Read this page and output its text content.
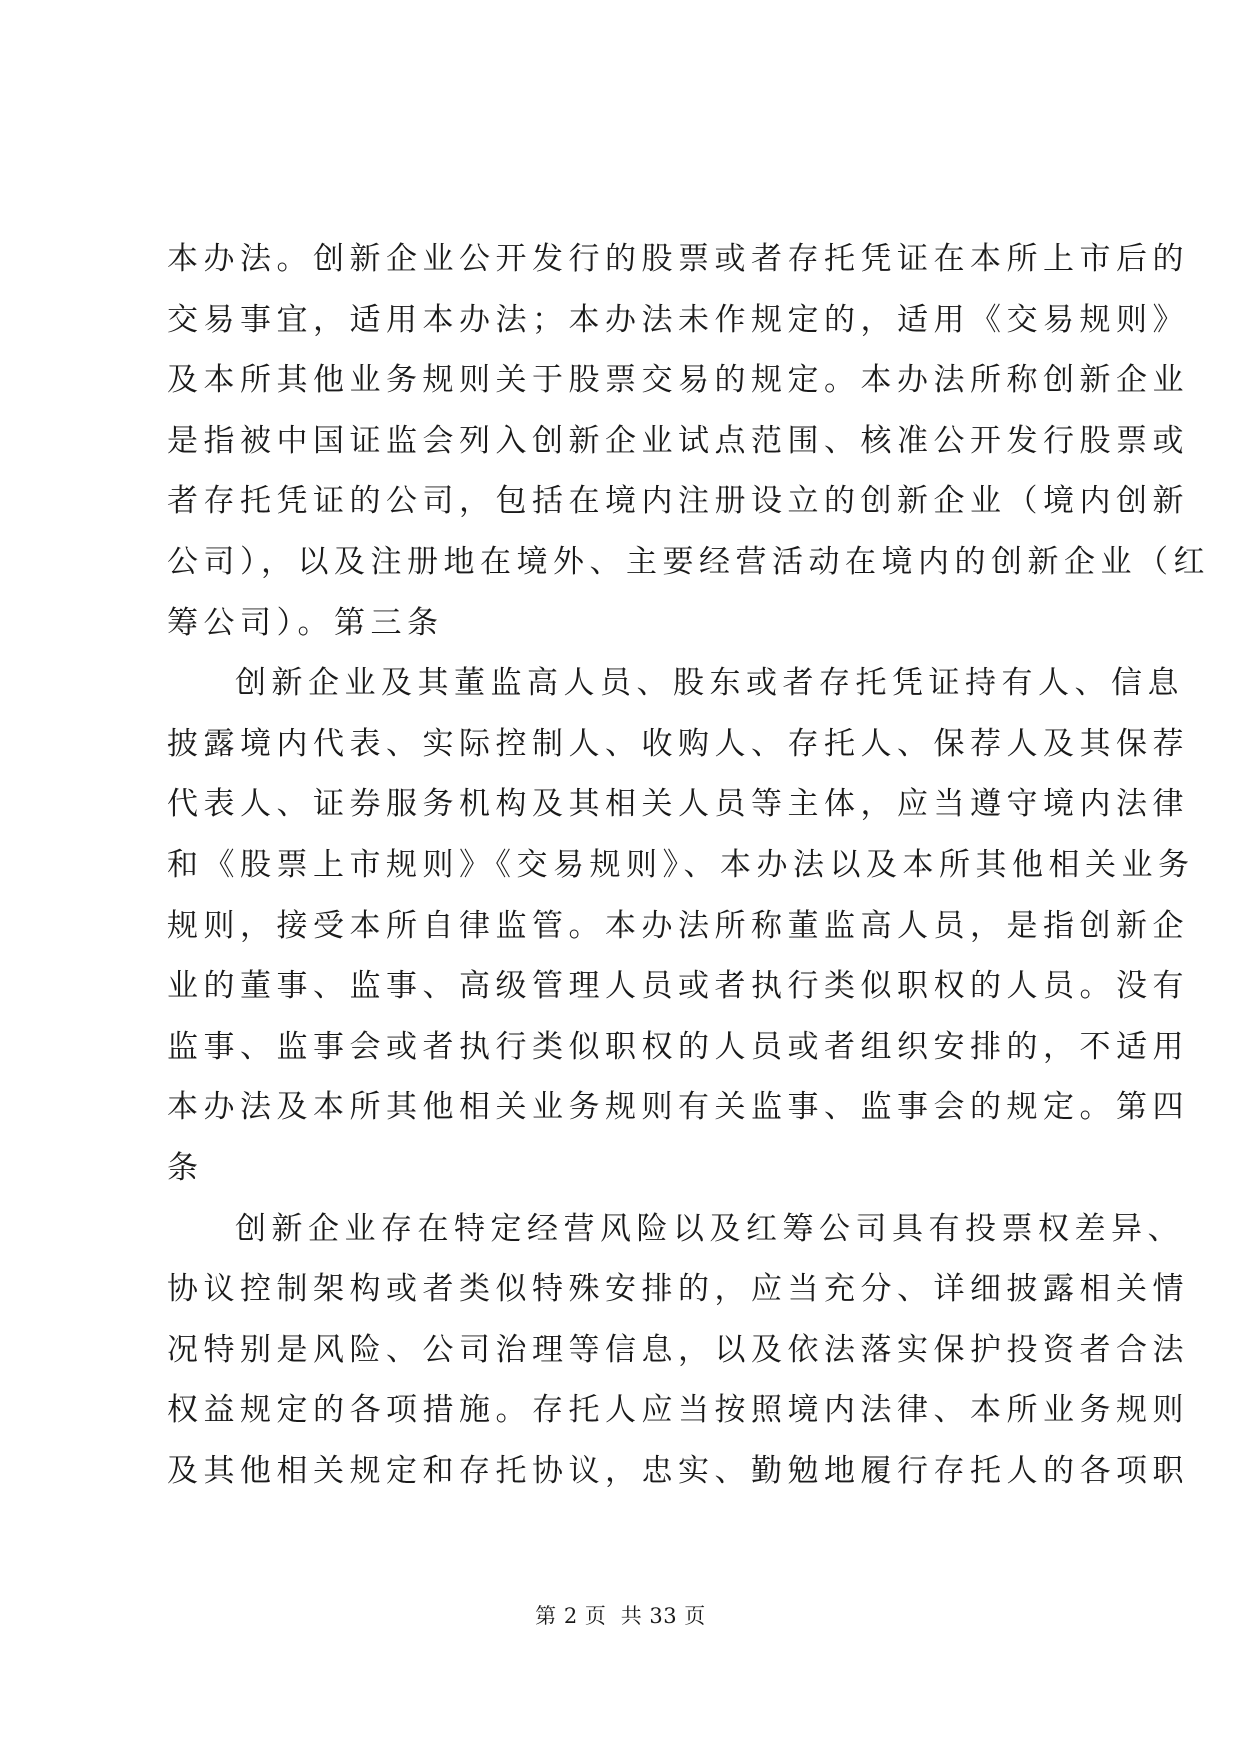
本办法。创新企业公开发行的股票或者存托凭证在本所上市后的
交易事宜，适用本办法；本办法未作规定的，适用《交易规则》
及本所其他业务规则关于股票交易的规定。本办法所称创新企业
是指被中国证监会列入创新企业试点范围、核准公开发行股票或
者存托凭证的公司，包括在境内注册设立的创新企业（境内创新
公司），以及注册地在境外、主要经营活动在境内的创新企业（红
筹公司）。第三条
创新企业及其董监高人员、股东或者存托凭证持有人、信息
披露境内代表、实际控制人、收购人、存托人、保荐人及其保荐
代表人、证券服务机构及其相关人员等主体，应当遵守境内法律
和《股票上市规则》《交易规则》、本办法以及本所其他相关业务
规则，接受本所自律监管。本办法所称董监高人员，是指创新企
业的董事、监事、高级管理人员或者执行类似职权的人员。没有
监事、监事会或者执行类似职权的人员或者组织安排的，不适用
本办法及本所其他相关业务规则有关监事、监事会的规定。第四
条
创新企业存在特定经营风险以及红筹公司具有投票权差异、
协议控制架构或者类似特殊安排的，应当充分、详细披露相关情
况特别是风险、公司治理等信息，以及依法落实保护投资者合法
权益规定的各项措施。存托人应当按照境内法律、本所业务规则
及其他相关规定和存托协议，忠实、勤勉地履行存托人的各项职
第 2 页  共 33 页
